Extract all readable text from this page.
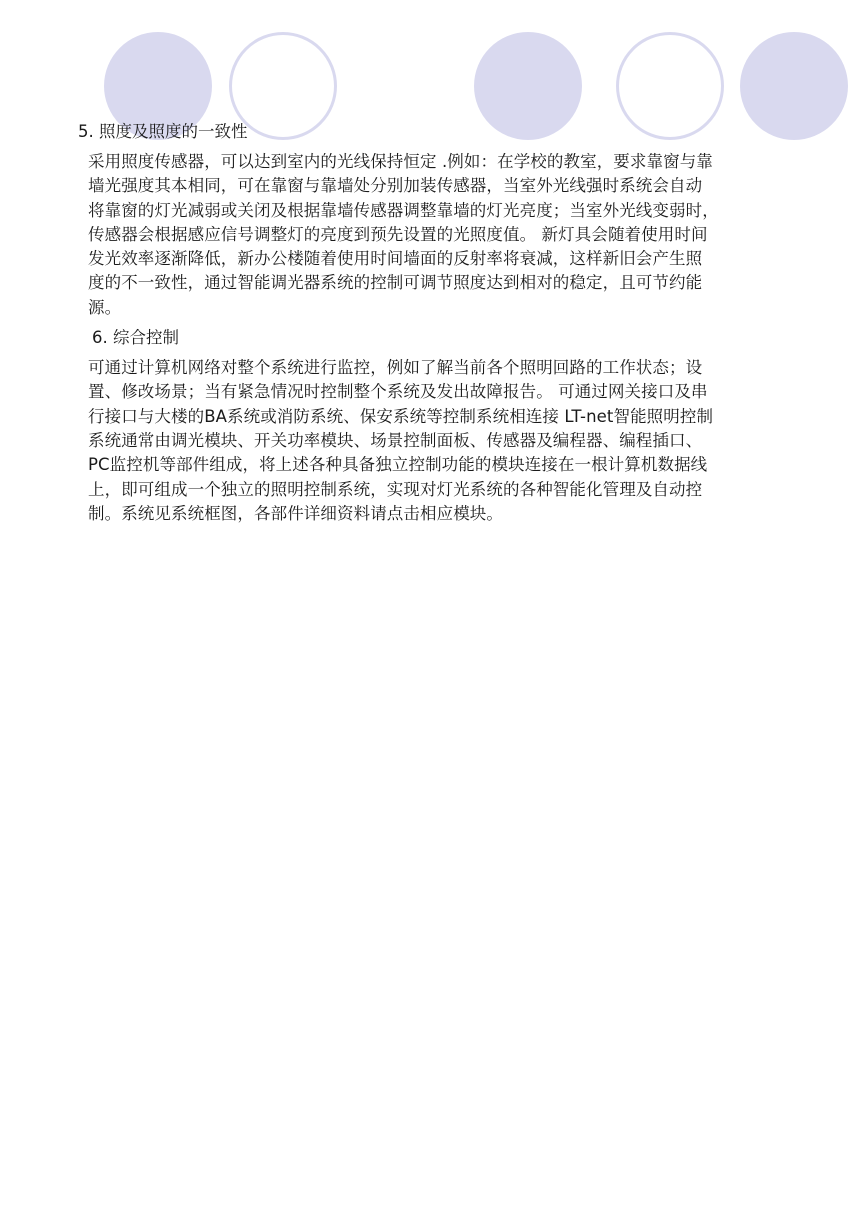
5. 照度及照度的一致性

采用照度传感器，可以达到室内的光线保持恒定 .例如：在学校的教室，要求靠窗与靠
墙光强度其本相同，可在靠窗与靠墙处分别加装传感器，当室外光线强时系统会自动
将靠窗的灯光减弱或关闭及根据靠墙传感器调整靠墙的灯光亮度；当室外光线变弱时，
传感器会根据感应信号调整灯的亮度到预先设置的光照度值。 新灯具会随着使用时间
发光效率逐渐降低，新办公楼随着使用时间墙面的反射率将衰减，这样新旧会产生照
度的不一致性，通过智能调光器系统的控制可调节照度达到相对的稳定，且可节约能
源。

6. 综合控制

可通过计算机网络对整个系统进行监控，例如了解当前各个照明回路的工作状态；设
置、修改场景；当有紧急情况时控制整个系统及发出故障报告。 可通过网关接口及串
行接口与大楼的BA系统或消防系统、保安系统等控制系统相连接 LT-net智能照明控制
系统通常由调光模块、开关功率模块、场景控制面板、传感器及编程器、编程插口、
PC监控机等部件组成，将上述各种具备独立控制功能的模块连接在一根计算机数据线
上，即可组成一个独立的照明控制系统，实现对灯光系统的各种智能化管理及自动控
制。系统见系统框图，各部件详细资料请点击相应模块。
